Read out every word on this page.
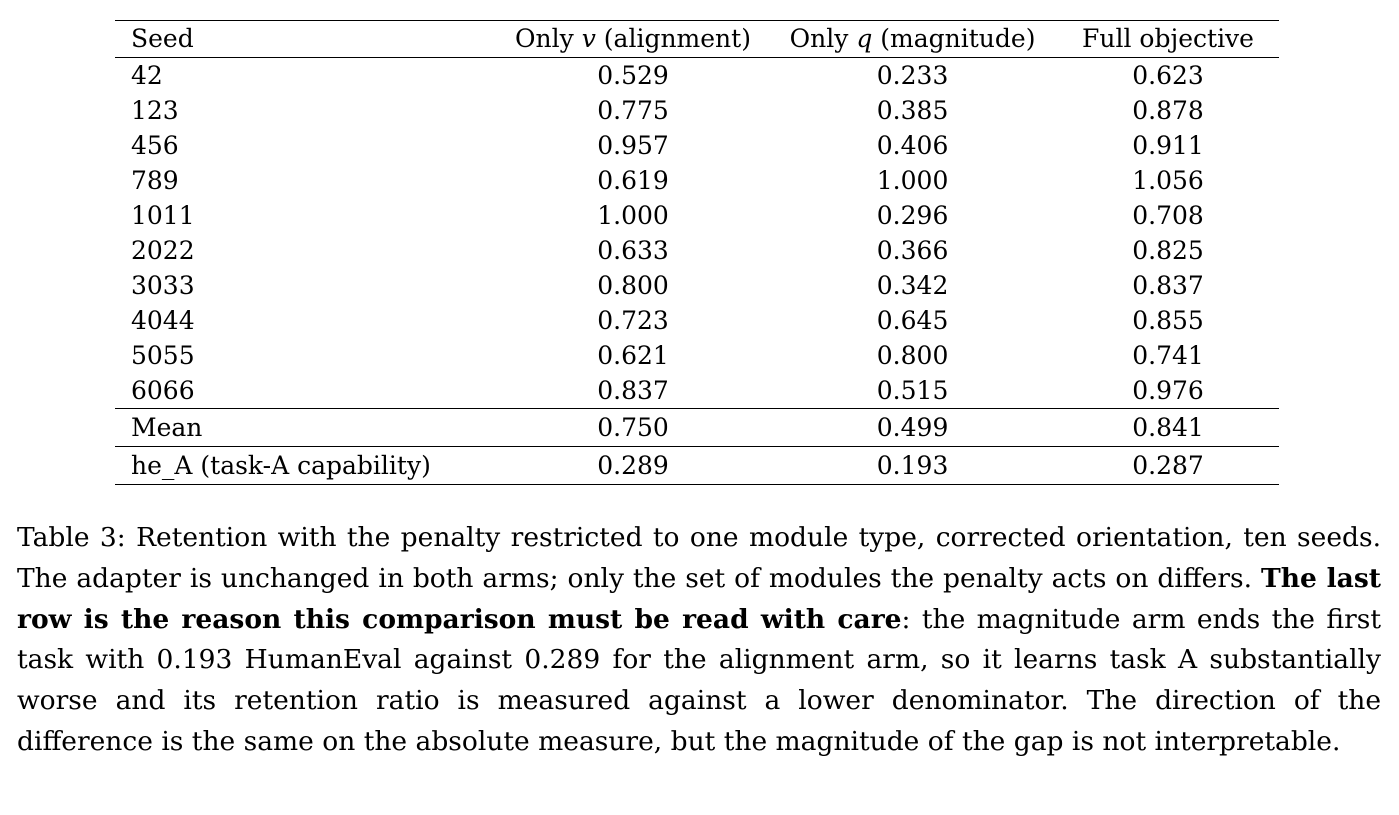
Seed	Only v (alignment)	Only q (magnitude)	Full objective
42	0.529	0.233	0.623
123	0.775	0.385	0.878
456	0.957	0.406	0.911
789	0.619	1.000	1.056
1011	1.000	0.296	0.708
2022	0.633	0.366	0.825
3033	0.800	0.342	0.837
4044	0.723	0.645	0.855
5055	0.621	0.800	0.741
6066	0.837	0.515	0.976
Mean	0.750	0.499	0.841
he_A (task-A capability)	0.289	0.193	0.287
Table 3: Retention with the penalty restricted to one module type, corrected orientation, ten seeds. The adapter is unchanged in both arms; only the set of modules the penalty acts on differs. The last row is the reason this comparison must be read with care: the magnitude arm ends the first task with 0.193 HumanEval against 0.289 for the alignment arm, so it learns task A substantially worse and its retention ratio is measured against a lower denominator. The direction of the difference is the same on the absolute measure, but the magnitude of the gap is not interpretable.
